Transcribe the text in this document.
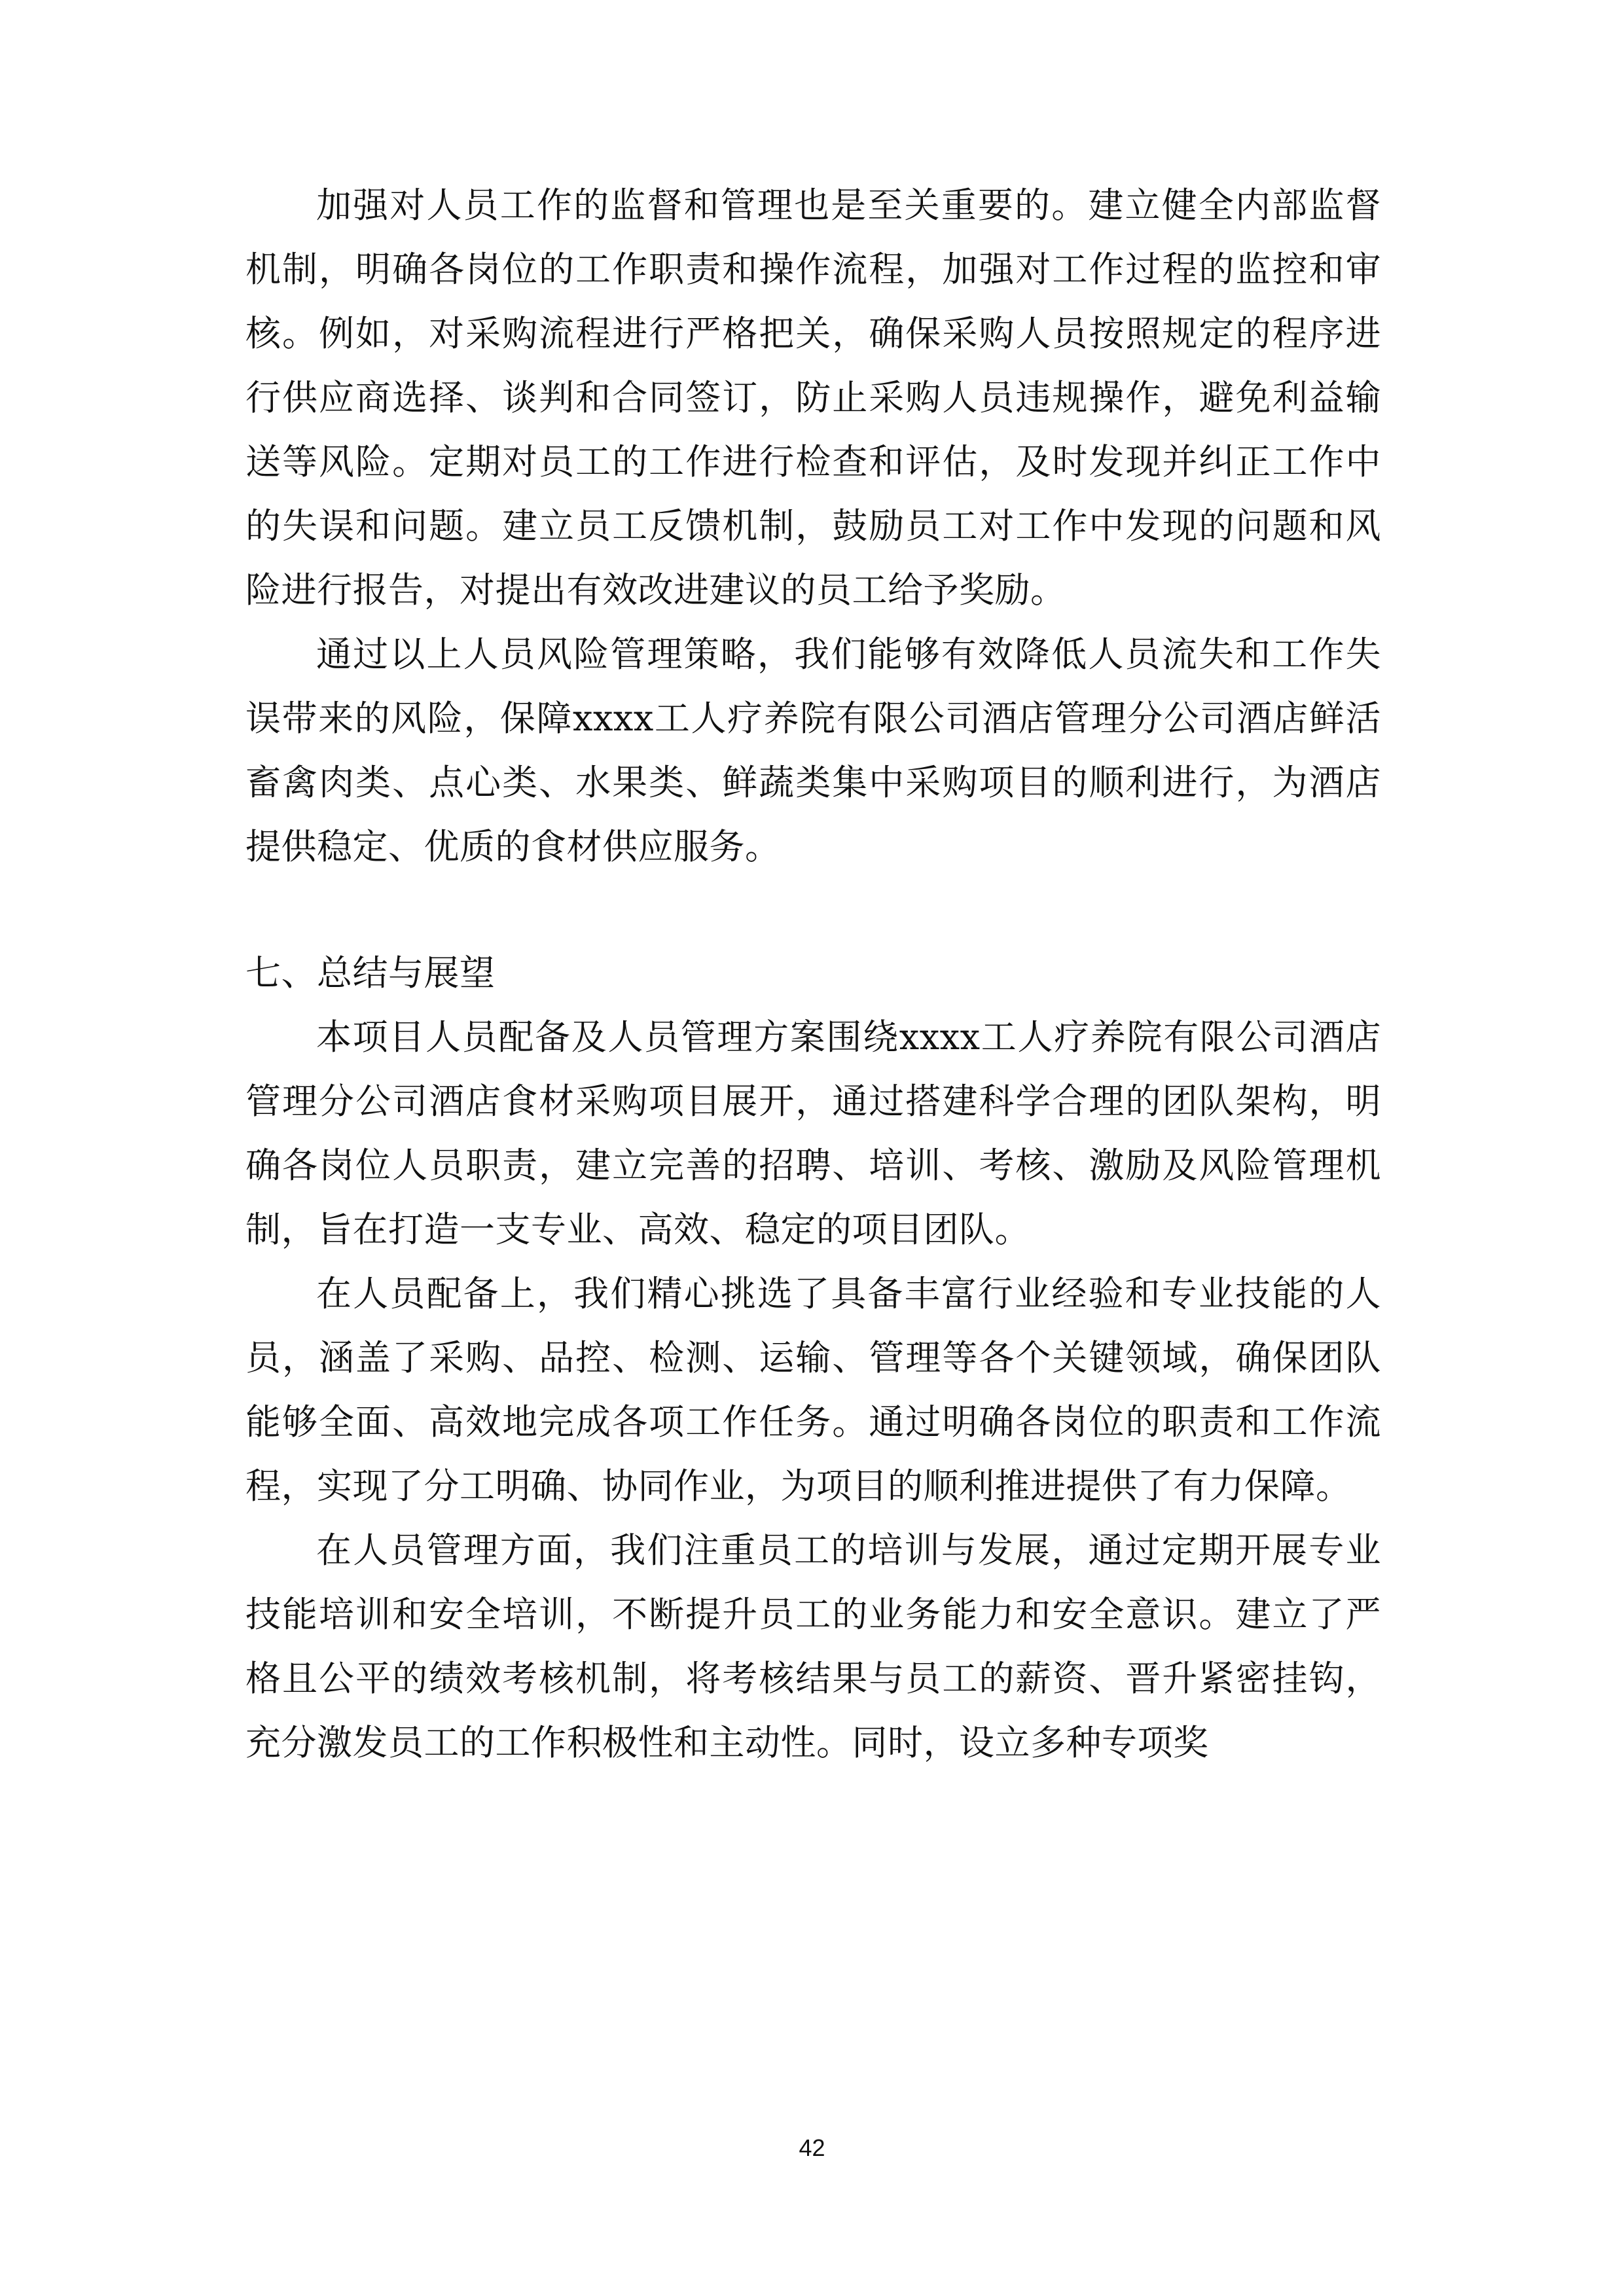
加强对人员工作的监督和管理也是至关重要的。建立健全内部监督机制，明确各岗位的工作职责和操作流程，加强对工作过程的监控和审核。例如，对采购流程进行严格把关，确保采购人员按照规定的程序进行供应商选择、谈判和合同签订，防止采购人员违规操作，避免利益输送等风险。定期对员工的工作进行检查和评估，及时发现并纠正工作中的失误和问题。建立员工反馈机制，鼓励员工对工作中发现的问题和风险进行报告，对提出有效改进建议的员工给予奖励。

通过以上人员风险管理策略，我们能够有效降低人员流失和工作失误带来的风险，保障xxxx工人疗养院有限公司酒店管理分公司酒店鲜活畜禽肉类、点心类、水果类、鲜蔬类集中采购项目的顺利进行，为酒店提供稳定、优质的食材供应服务。

七、总结与展望

本项目人员配备及人员管理方案围绕xxxx工人疗养院有限公司酒店管理分公司酒店食材采购项目展开，通过搭建科学合理的团队架构，明确各岗位人员职责，建立完善的招聘、培训、考核、激励及风险管理机制，旨在打造一支专业、高效、稳定的项目团队。

在人员配备上，我们精心挑选了具备丰富行业经验和专业技能的人员，涵盖了采购、品控、检测、运输、管理等各个关键领域，确保团队能够全面、高效地完成各项工作任务。通过明确各岗位的职责和工作流程，实现了分工明确、协同作业，为项目的顺利推进提供了有力保障。

在人员管理方面，我们注重员工的培训与发展，通过定期开展专业技能培训和安全培训，不断提升员工的业务能力和安全意识。建立了严格且公平的绩效考核机制，将考核结果与员工的薪资、晋升紧密挂钩，充分激发员工的工作积极性和主动性。同时，设立多种专项奖

42
